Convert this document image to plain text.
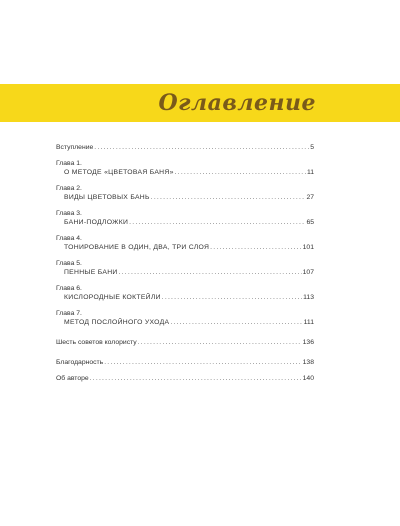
Оглавление
Вступление .....	5
Глава 1.
О МЕТОДЕ «ЦВЕТОВАЯ БАНЯ» .....	11
Глава 2.
ВИДЫ ЦВЕТОВЫХ БАНЬ .....	27
Глава 3.
БАНИ-ПОДЛОЖКИ .....	65
Глава 4.
ТОНИРОВАНИЕ В ОДИН, ДВА, ТРИ СЛОЯ .....	101
Глава 5.
ПЕННЫЕ БАНИ .....	107
Глава 6.
КИСЛОРОДНЫЕ КОКТЕЙЛИ .....	113
Глава 7.
МЕТОД ПОСЛОЙНОГО УХОДА .....	111
Шесть советов колористу .....	136
Благодарность .....	138
Об авторе .....	140
